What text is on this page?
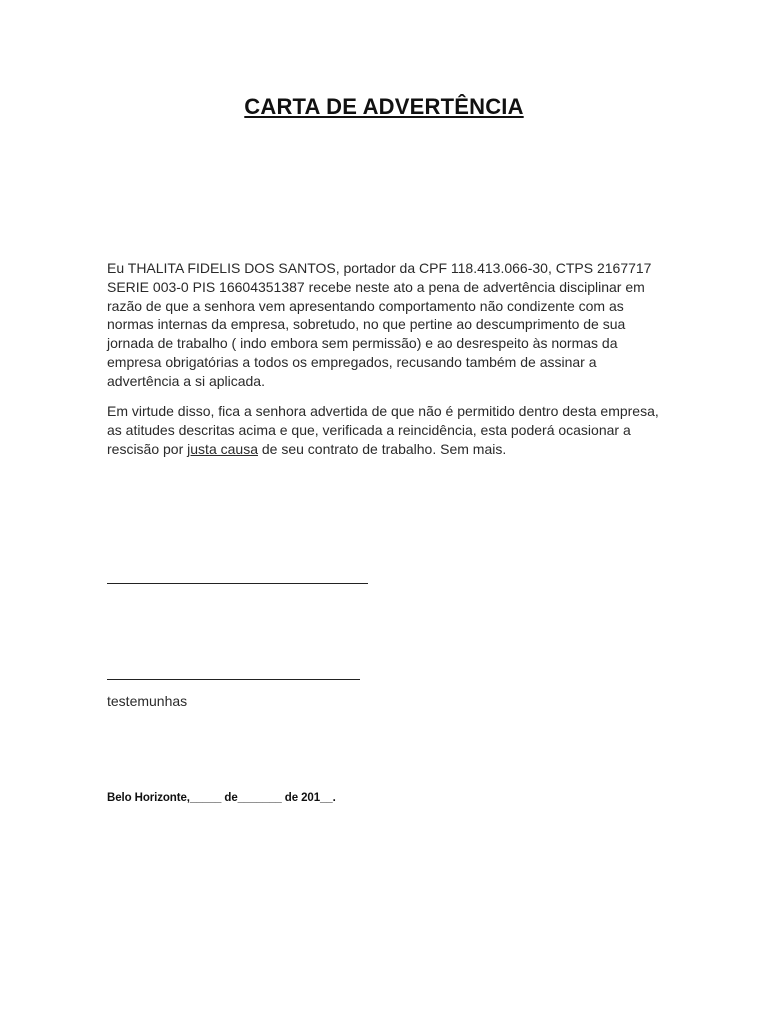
CARTA DE ADVERTÊNCIA

Eu THALITA FIDELIS DOS SANTOS, portador da CPF 118.413.066-30, CTPS 2167717 SERIE 003-0 PIS 16604351387 recebe neste ato a pena de advertência disciplinar em razão de que a senhora vem apresentando comportamento não condizente com as normas internas da empresa, sobretudo, no que pertine ao descumprimento de sua jornada de trabalho ( indo embora sem permissão) e ao desrespeito às normas da empresa obrigatórias a todos os empregados, recusando também de assinar a advertência a si aplicada.

Em virtude disso, fica a senhora advertida de que não é permitido dentro desta empresa, as atitudes descritas acima e que, verificada a reincidência, esta poderá ocasionar a rescisão por justa causa de seu contrato de trabalho. Sem mais.

testemunhas

Belo Horizonte,_____ de_______ de 201__.
